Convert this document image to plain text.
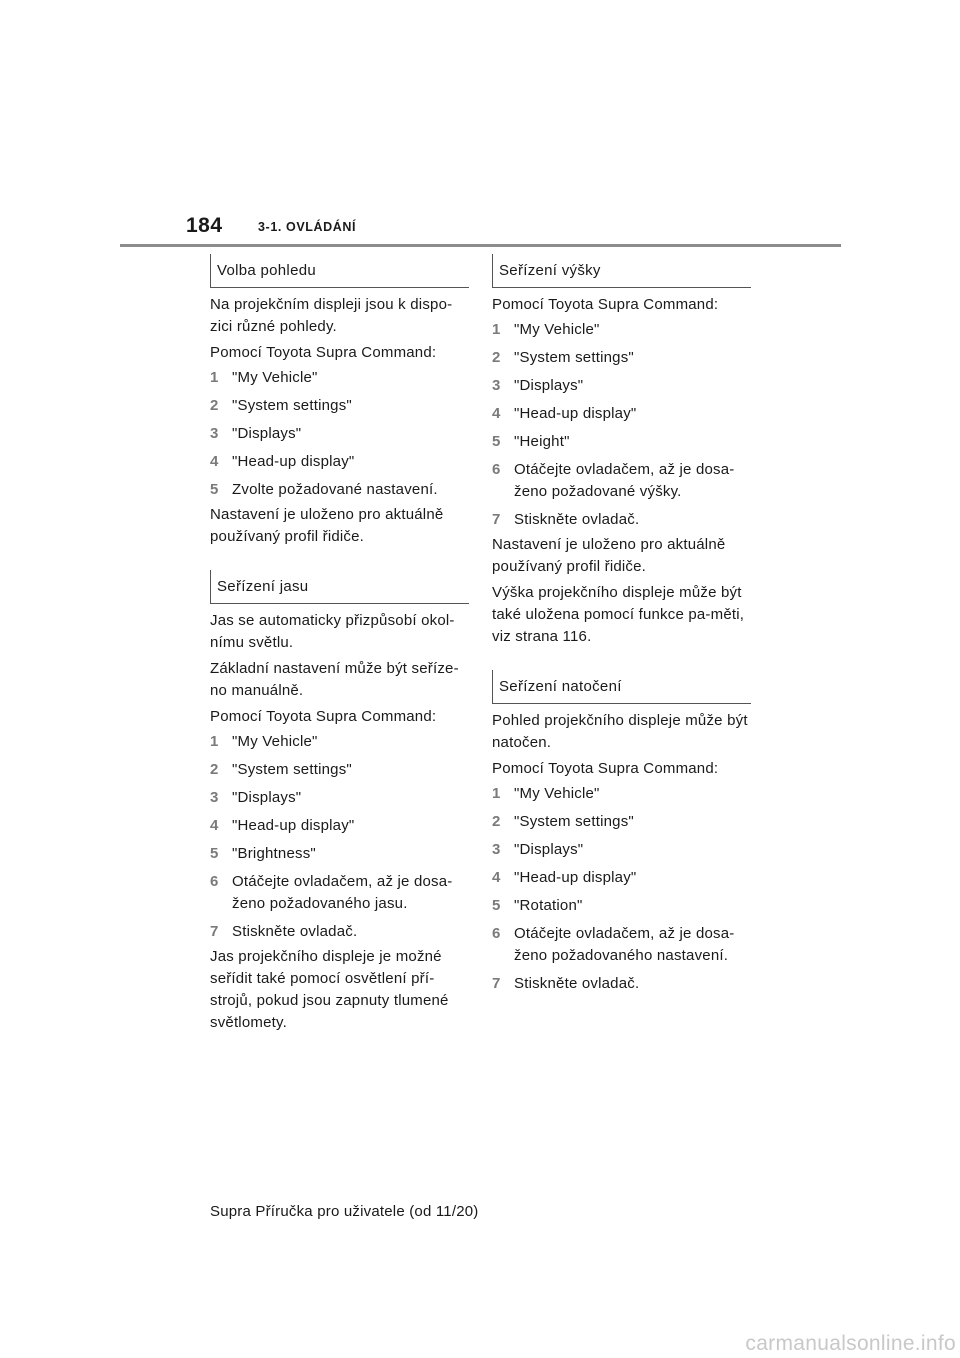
184	3-1. OVLÁDÁNÍ
Volba pohledu

Na projekčním displeji jsou k dispo-zici různé pohledy.

Pomocí Toyota Supra Command:

1 "My Vehicle"
2 "System settings"
3 "Displays"
4 "Head-up display"
5 Zvolte požadované nastavení.

Nastavení je uloženo pro aktuálně používaný profil řidiče.

Seřízení jasu

Jas se automaticky přizpůsobí okol-nímu světlu.

Základní nastavení může být seříze-no manuálně.

Pomocí Toyota Supra Command:

1 "My Vehicle"
2 "System settings"
3 "Displays"
4 "Head-up display"
5 "Brightness"
6 Otáčejte ovladačem, až je dosa-ženo požadovaného jasu.
7 Stiskněte ovladač.

Jas projekčního displeje je možné seřídit také pomocí osvětlení pří-strojů, pokud jsou zapnuty tlumené světlomety.

Seřízení výšky

Pomocí Toyota Supra Command:

1 "My Vehicle"
2 "System settings"
3 "Displays"
4 "Head-up display"
5 "Height"
6 Otáčejte ovladačem, až je dosa-ženo požadované výšky.
7 Stiskněte ovladač.

Nastavení je uloženo pro aktuálně používaný profil řidiče.

Výška projekčního displeje může být také uložena pomocí funkce pa-měti, viz strana 116.

Seřízení natočení

Pohled projekčního displeje může být natočen.

Pomocí Toyota Supra Command:

1 "My Vehicle"
2 "System settings"
3 "Displays"
4 "Head-up display"
5 "Rotation"
6 Otáčejte ovladačem, až je dosa-ženo požadovaného nastavení.
7 Stiskněte ovladač.
Supra Příručka pro uživatele (od 11/20)
carmanualsonline.info
